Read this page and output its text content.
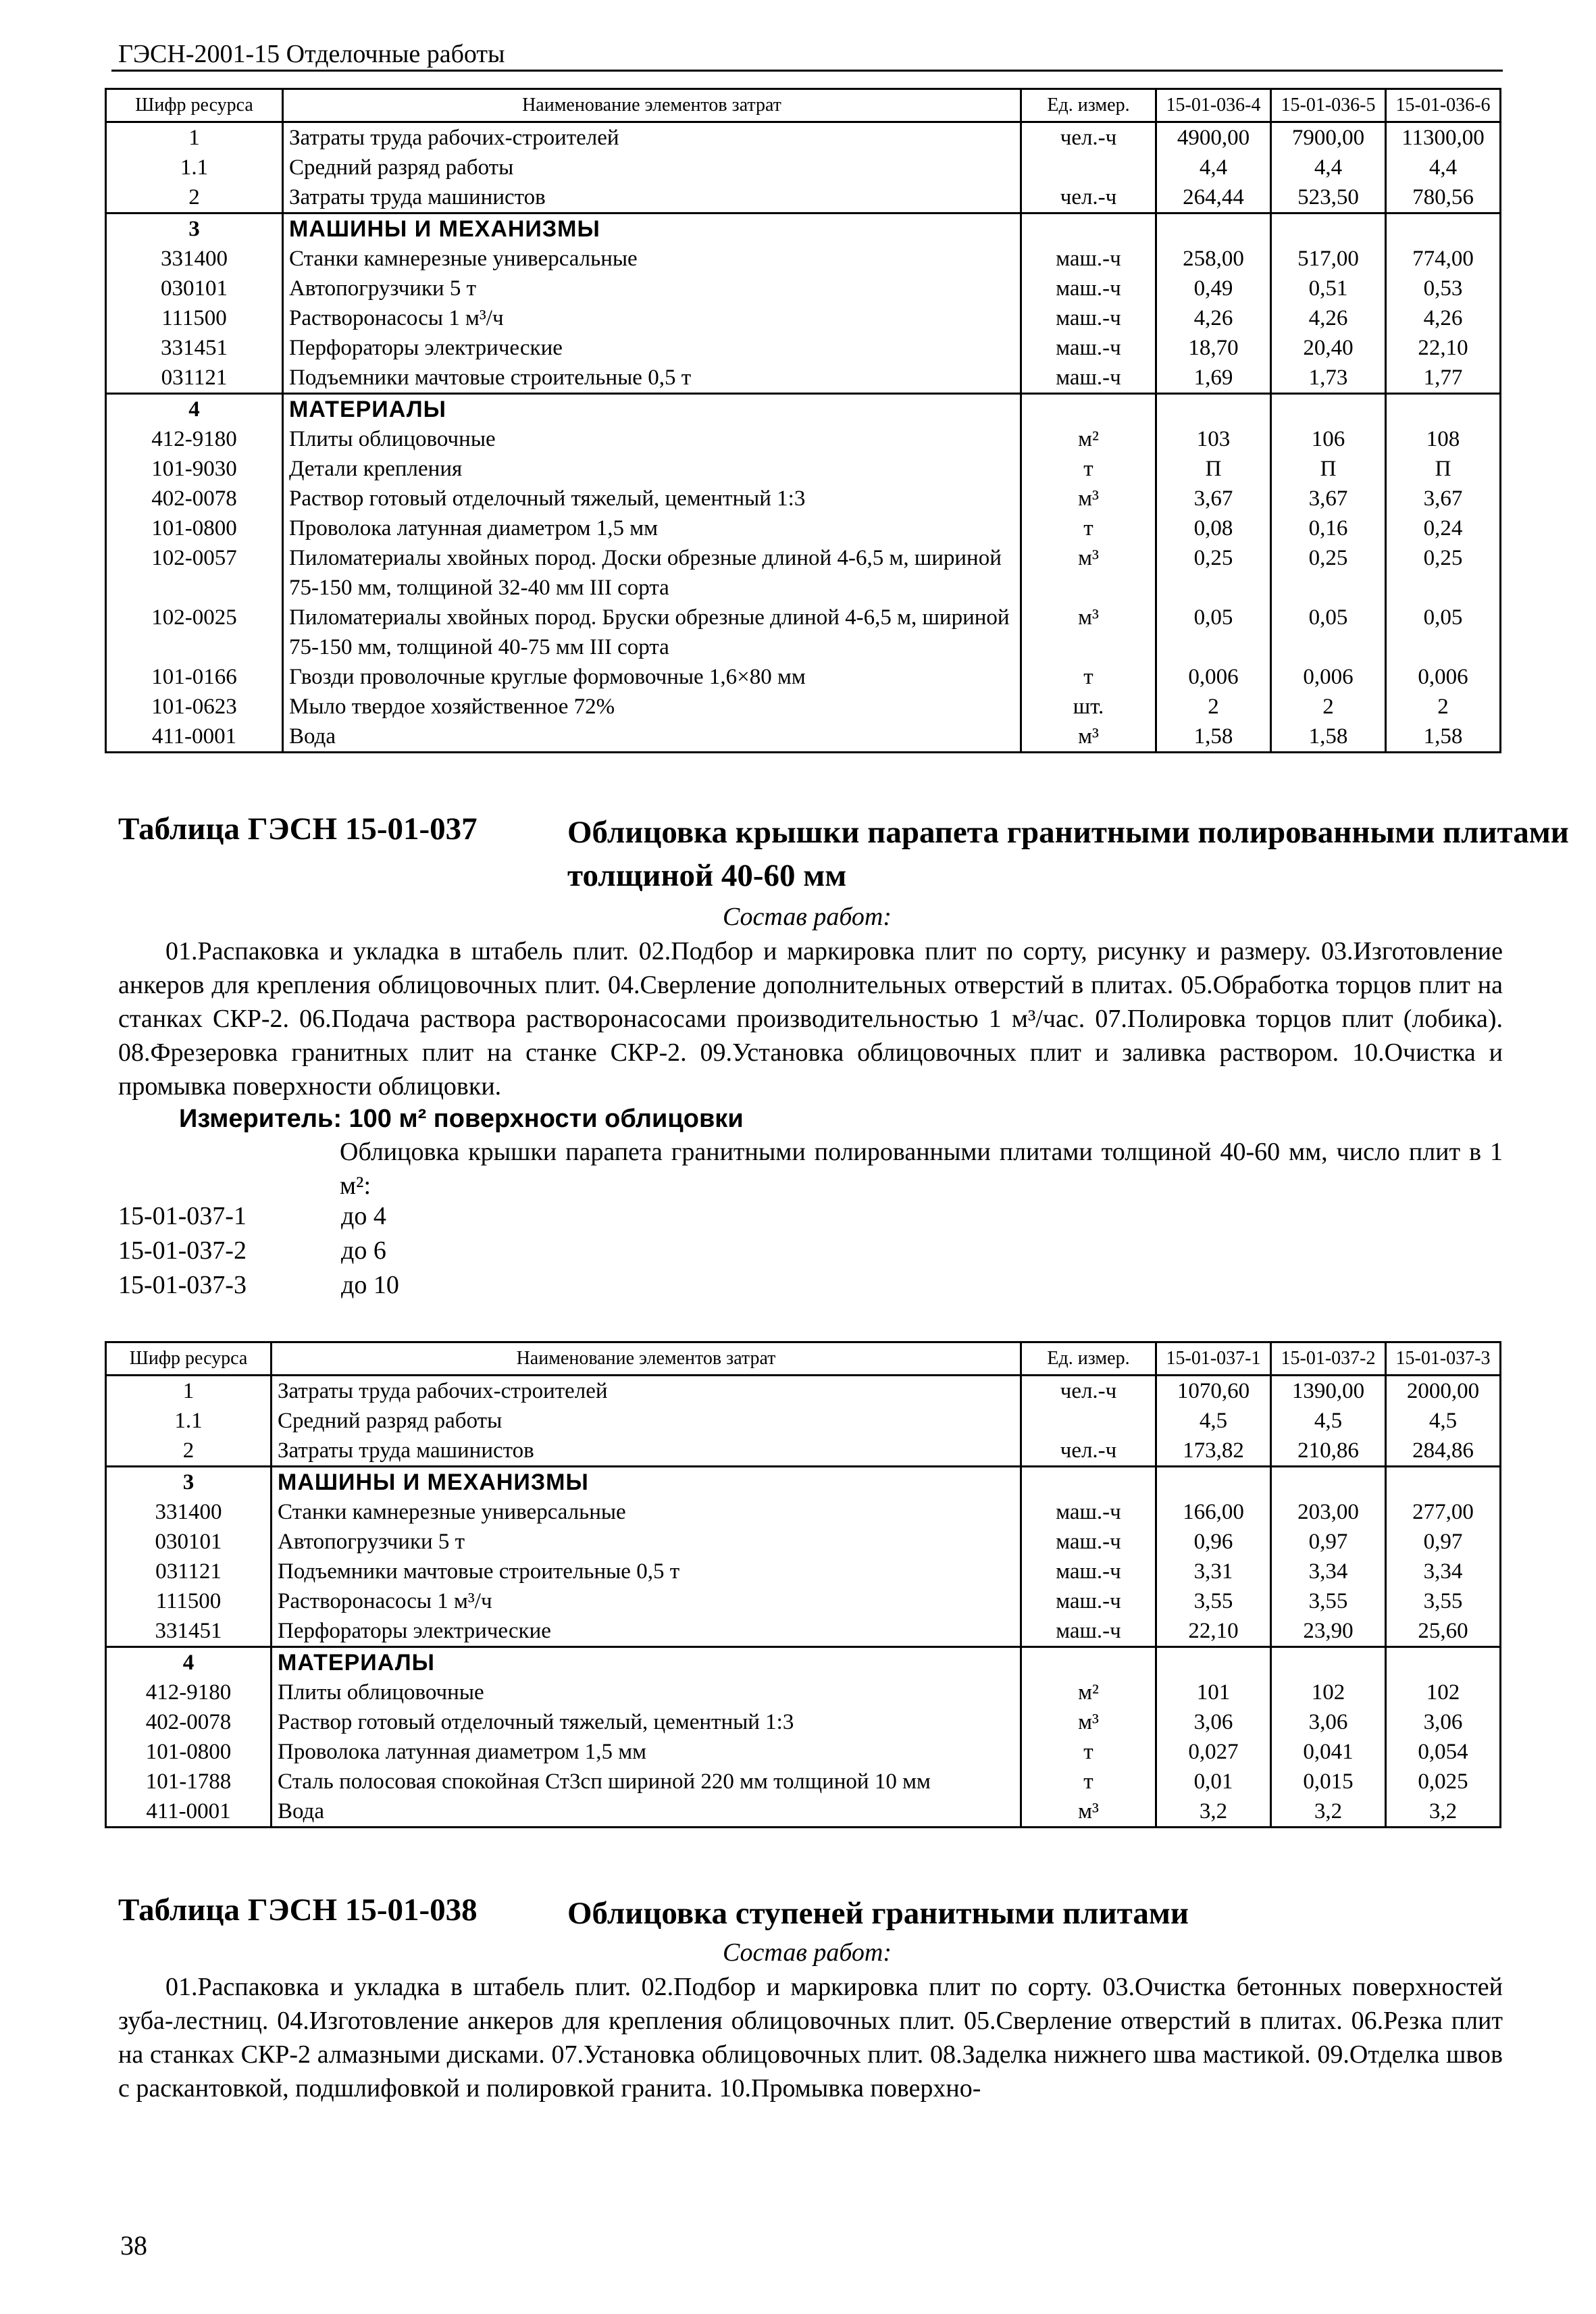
ГЭСН-2001-15 Отделочные работы
Шифр ресурса	Наименование элементов затрат	Ед. измер.	15-01-036-4	15-01-036-5	15-01-036-6
1	Затраты труда рабочих-строителей	чел.-ч	4900,00	7900,00	11300,00
1.1	Средний разряд работы		4,4	4,4	4,4
2	Затраты труда машинистов	чел.-ч	264,44	523,50	780,56
3	МАШИНЫ И МЕХАНИЗМЫ				
331400	Станки камнерезные универсальные	маш.-ч	258,00	517,00	774,00
030101	Автопогрузчики 5 т	маш.-ч	0,49	0,51	0,53
111500	Растворонасосы 1 м³/ч	маш.-ч	4,26	4,26	4,26
331451	Перфораторы электрические	маш.-ч	18,70	20,40	22,10
031121	Подъемники мачтовые строительные 0,5 т	маш.-ч	1,69	1,73	1,77
4	МАТЕРИАЛЫ				
412-9180	Плиты облицовочные	м²	103	106	108
101-9030	Детали крепления	т	П	П	П
402-0078	Раствор готовый отделочный тяжелый, цементный 1:3	м³	3,67	3,67	3,67
101-0800	Проволока латунная диаметром 1,5 мм	т	0,08	0,16	0,24
102-0057	Пиломатериалы хвойных пород. Доски обрезные длиной 4-6,5 м, шириной 75-150 мм, толщиной 32-40 мм III сорта	м³	0,25	0,25	0,25
102-0025	Пиломатериалы хвойных пород. Бруски обрезные длиной 4-6,5 м, шириной 75-150 мм, толщиной 40-75 мм III сорта	м³	0,05	0,05	0,05
101-0166	Гвозди проволочные круглые формовочные 1,6×80 мм	т	0,006	0,006	0,006
101-0623	Мыло твердое хозяйственное 72%	шт.	2	2	2
411-0001	Вода	м³	1,58	1,58	1,58
Таблица ГЭСН 15-01-037	Облицовка крышки парапета гранитными полированными плитами толщиной 40-60 мм
Состав работ:
01.Распаковка и укладка в штабель плит. 02.Подбор и маркировка плит по сорту, рисунку и размеру. 03.Изготовление анкеров для крепления облицовочных плит. 04.Сверление дополнительных отверстий в плитах. 05.Обработка торцов плит на станках СКР-2. 06.Подача раствора растворонасосами производительностью 1 м³/час. 07.Полировка торцов плит (лобика). 08.Фрезеровка гранитных плит на станке СКР-2. 09.Установка облицовочных плит и заливка раствором. 10.Очистка и промывка поверхности облицовки.
Измеритель: 100 м² поверхности облицовки
Облицовка крышки парапета гранитными полированными плитами толщиной 40-60 мм, число плит в 1 м²:
15-01-037-1	до 4
15-01-037-2	до 6
15-01-037-3	до 10
Шифр ресурса	Наименование элементов затрат	Ед. измер.	15-01-037-1	15-01-037-2	15-01-037-3
1	Затраты труда рабочих-строителей	чел.-ч	1070,60	1390,00	2000,00
1.1	Средний разряд работы		4,5	4,5	4,5
2	Затраты труда машинистов	чел.-ч	173,82	210,86	284,86
3	МАШИНЫ И МЕХАНИЗМЫ				
331400	Станки камнерезные универсальные	маш.-ч	166,00	203,00	277,00
030101	Автопогрузчики 5 т	маш.-ч	0,96	0,97	0,97
031121	Подъемники мачтовые строительные 0,5 т	маш.-ч	3,31	3,34	3,34
111500	Растворонасосы 1 м³/ч	маш.-ч	3,55	3,55	3,55
331451	Перфораторы электрические	маш.-ч	22,10	23,90	25,60
4	МАТЕРИАЛЫ				
412-9180	Плиты облицовочные	м²	101	102	102
402-0078	Раствор готовый отделочный тяжелый, цементный 1:3	м³	3,06	3,06	3,06
101-0800	Проволока латунная диаметром 1,5 мм	т	0,027	0,041	0,054
101-1788	Сталь полосовая спокойная Ст3сп шириной 220 мм толщиной 10 мм	т	0,01	0,015	0,025
411-0001	Вода	м³	3,2	3,2	3,2
Таблица ГЭСН 15-01-038	Облицовка ступеней гранитными плитами
Состав работ:
01.Распаковка и укладка в штабель плит. 02.Подбор и маркировка плит по сорту. 03.Очистка бетонных поверхностей зуба-лестниц. 04.Изготовление анкеров для крепления облицовочных плит. 05.Сверление отверстий в плитах. 06.Резка плит на станках СКР-2 алмазными дисками. 07.Установка облицовочных плит. 08.Заделка нижнего шва мастикой. 09.Отделка швов с раскантовкой, подшлифовкой и полировкой гранита. 10.Промывка поверхно-
38
